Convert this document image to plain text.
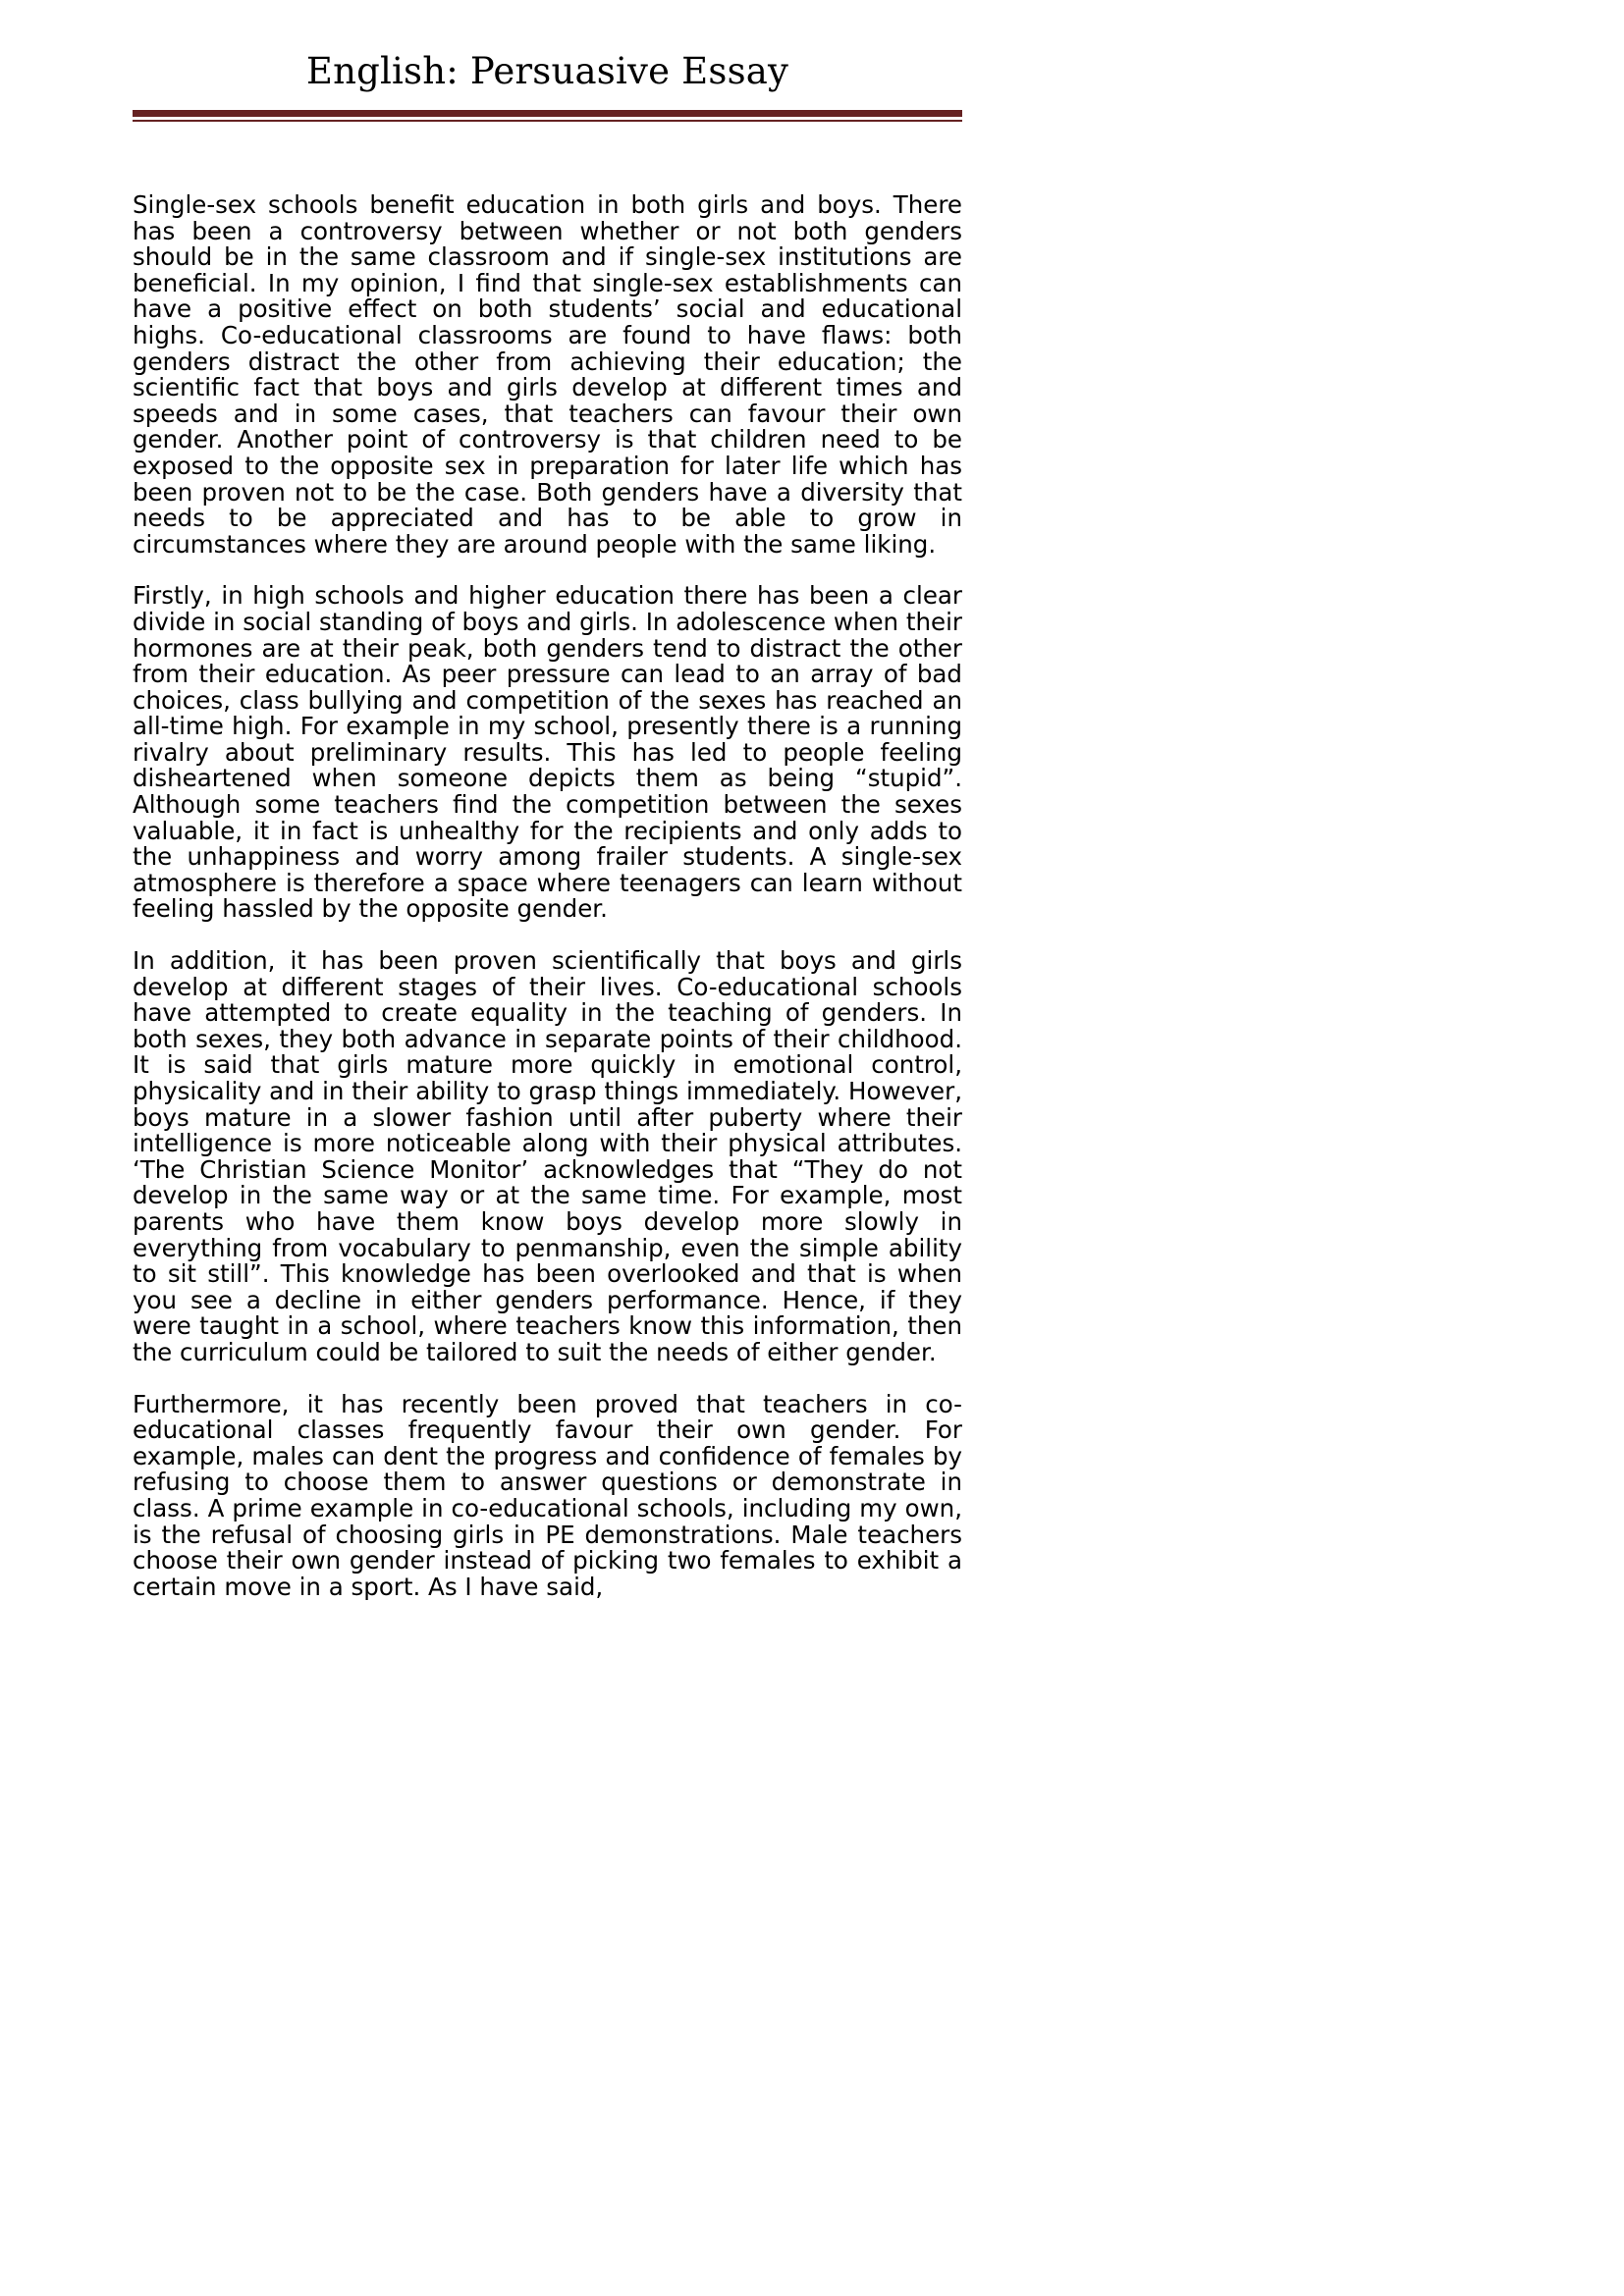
English: Persuasive Essay

Single-sex schools benefit education in both girls and boys. There has been a controversy between whether or not both genders should be in the same classroom and if single-sex institutions are beneficial. In my opinion, I find that single-sex establishments can have a positive effect on both students’ social and educational highs. Co-educational classrooms are found to have flaws: both genders distract the other from achieving their education; the scientific fact that boys and girls develop at different times and speeds and in some cases, that teachers can favour their own gender. Another point of controversy is that children need to be exposed to the opposite sex in preparation for later life which has been proven not to be the case. Both genders have a diversity that needs to be appreciated and has to be able to grow in circumstances where they are around people with the same liking.

Firstly, in high schools and higher education there has been a clear divide in social standing of boys and girls. In adolescence when their hormones are at their peak, both genders tend to distract the other from their education. As peer pressure can lead to an array of bad choices, class bullying and competition of the sexes has reached an all-time high. For example in my school, presently there is a running rivalry about preliminary results. This has led to people feeling disheartened when someone depicts them as being “stupid”. Although some teachers find the competition between the sexes valuable, it in fact is unhealthy for the recipients and only adds to the unhappiness and worry among frailer students. A single-sex atmosphere is therefore a space where teenagers can learn without feeling hassled by the opposite gender.

In addition, it has been proven scientifically that boys and girls develop at different stages of their lives. Co-educational schools have attempted to create equality in the teaching of genders. In both sexes, they both advance in separate points of their childhood. It is said that girls mature more quickly in emotional control, physicality and in their ability to grasp things immediately. However, boys mature in a slower fashion until after puberty where their intelligence is more noticeable along with their physical attributes. ‘The Christian Science Monitor’ acknowledges that “They do not develop in the same way or at the same time. For example, most parents who have them know boys develop more slowly in everything from vocabulary to penmanship, even the simple ability to sit still”. This knowledge has been overlooked and that is when you see a decline in either genders performance. Hence, if they were taught in a school, where teachers know this information, then the curriculum could be tailored to suit the needs of either gender.

Furthermore, it has recently been proved that teachers in co-educational classes frequently favour their own gender. For example, males can dent the progress and confidence of females by refusing to choose them to answer questions or demonstrate in class. A prime example in co-educational schools, including my own, is the refusal of choosing girls in PE demonstrations. Male teachers choose their own gender instead of picking two females to exhibit a certain move in a sport. As I have said,
